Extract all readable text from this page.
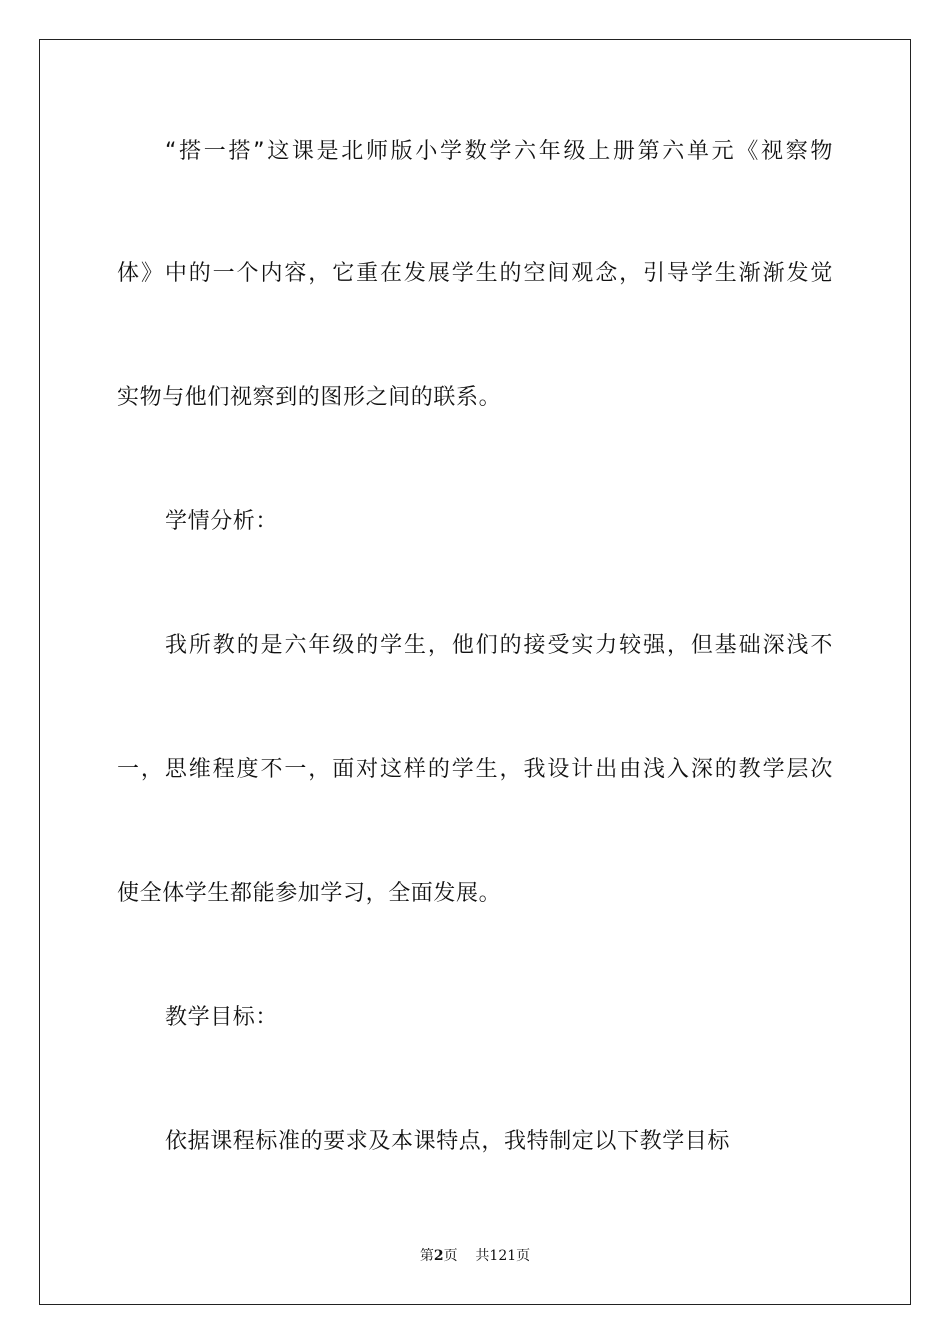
“搭一搭”这课是北师版小学数学六年级上册第六单元《视察物
体》中的一个内容，它重在发展学生的空间观念，引导学生渐渐发觉
实物与他们视察到的图形之间的联系。
学情分析：
我所教的是六年级的学生，他们的接受实力较强，但基础深浅不
一，思维程度不一，面对这样的学生，我设计出由浅入深的教学层次
使全体学生都能参加学习，全面发展。
教学目标：
依据课程标准的要求及本课特点，我特制定以下教学目标
第2页 共121页
